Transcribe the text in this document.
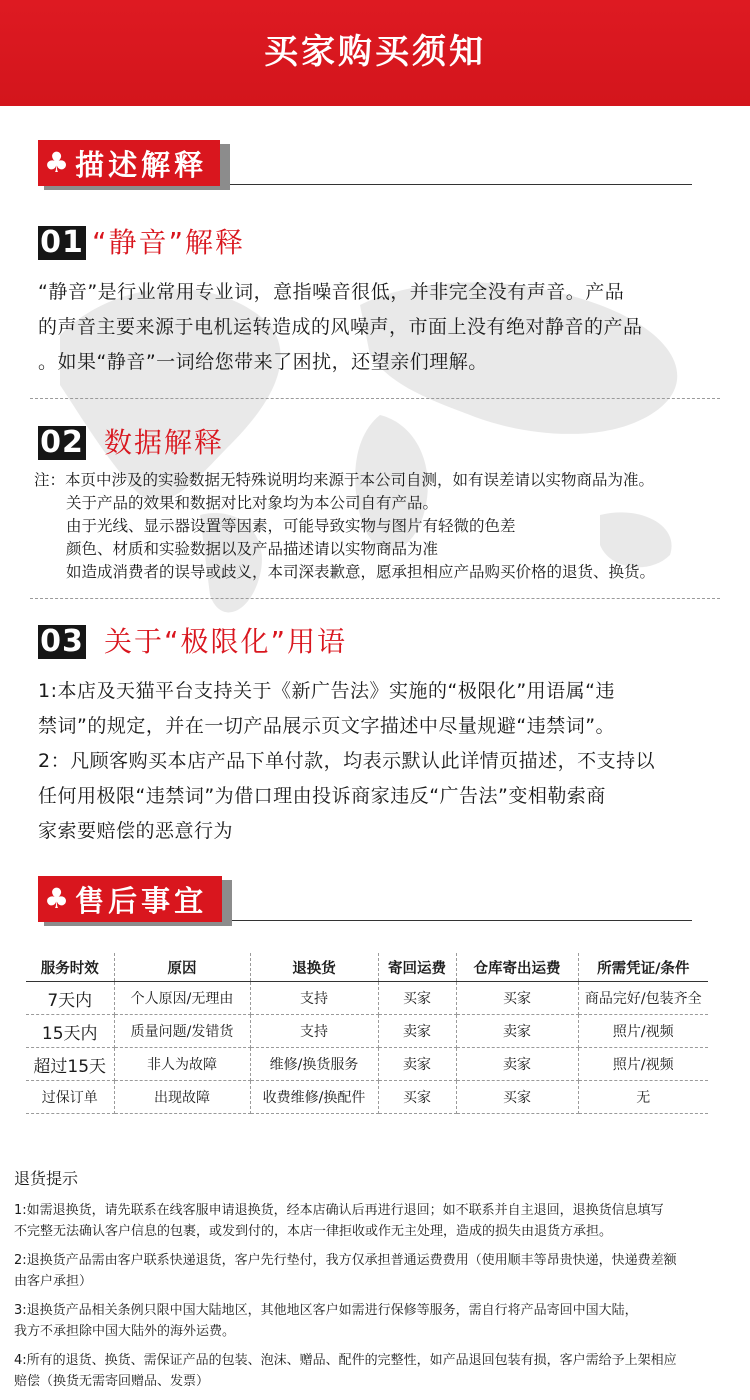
买家购买须知
♣ 描述解释
01 “静音”解释
“静音”是行业常用专业词，意指噪音很低，并非完全没有声音。产品
的声音主要来源于电机运转造成的风噪声，市面上没有绝对静音的产品
。如果“静音”一词给您带来了困扰，还望亲们理解。
02 数据解释
注：本页中涉及的实验数据无特殊说明均来源于本公司自测，如有误差请以实物商品为准。
关于产品的效果和数据对比对象均为本公司自有产品。
由于光线、显示器设置等因素，可能导致实物与图片有轻微的色差
颜色、材质和实验数据以及产品描述请以实物商品为准
如造成消费者的误导或歧义，本司深表歉意，愿承担相应产品购买价格的退货、换货。
03 关于“极限化”用语
1:本店及天猫平台支持关于《新广告法》实施的“极限化”用语属“违
禁词”的规定，并在一切产品展示页文字描述中尽量规避“违禁词”。
2：凡顾客购买本店产品下单付款，均表示默认此详情页描述，不支持以
任何用极限“违禁词”为借口理由投诉商家违反“广告法”变相勒索商
家索要赔偿的恶意行为
♣ 售后事宜
服务时效	原因	退换货	寄回运费	仓库寄出运费	所需凭证/条件
7天内	个人原因/无理由	支持	买家	买家	商品完好/包装齐全
15天内	质量问题/发错货	支持	卖家	卖家	照片/视频
超过15天	非人为故障	维修/换货服务	卖家	卖家	照片/视频
过保订单	出现故障	收费维修/换配件	买家	买家	无
退货提示
1:如需退换货，请先联系在线客服申请退换货，经本店确认后再进行退回；如不联系并自主退回，退换货信息填写
不完整无法确认客户信息的包裹，或发到付的，本店一律拒收或作无主处理，造成的损失由退货方承担。
2:退换货产品需由客户联系快递退货，客户先行垫付，我方仅承担普通运费费用（使用顺丰等昂贵快递，快递费差额
由客户承担）
3:退换货产品相关条例只限中国大陆地区，其他地区客户如需进行保修等服务，需自行将产品寄回中国大陆，
我方不承担除中国大陆外的海外运费。
4:所有的退货、换货、需保证产品的包装、泡沫、赠品、配件的完整性，如产品退回包装有损，客户需给予上架相应
赔偿（换货无需寄回赠品、发票）
